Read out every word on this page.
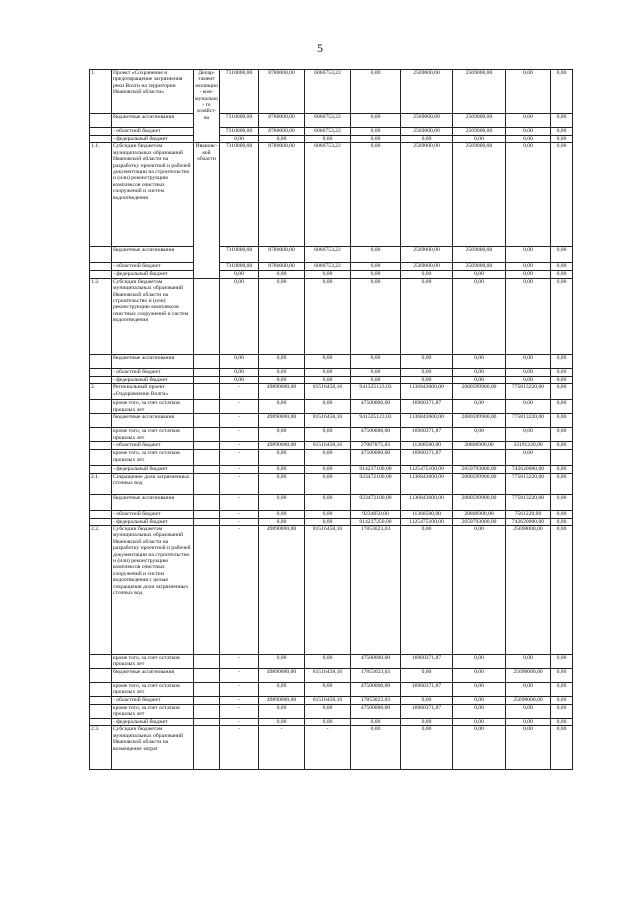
5
1.	Проект «Сохранение и предотвращение загрязнения реки Волги на территории Ивановской области»	Депар- тамент жилищно- ком- мунально- го хозяйст- ва	7310000,00	8780000,00	6066753,22	0,00	2569000,00	2569000,00	0,00	0,00
	бюджетные ассигнования		7310000,00	8780000,00	6066753,22	0,00	2569000,00	2569000,00	0,00	0,00
	- областной бюджет		7310000,00	8780000,00	6066753,22	0,00	2569000,00	2569000,00	0,00	0,00
	- федеральный бюджет		0,00	0,00	0,00	0,00	0,00	0,00	0,00	0,00
1.1.	Субсидии бюджетам муниципальных образований Ивановской области на разработку проектной и рабочей документации на строительство и (или) реконструкцию комплексов очистных сооружений и систем водоотведения	Ивановс- кой области	7310000,00	8780000,00	6066753,22	0,00	2569000,00	2569000,00	0,00	0,00
	бюджетные ассигнования		7310000,00	8780000,00	6066753,22	0,00	2569000,00	2569000,00	0,00	0,00
	- областной бюджет		7310000,00	8780000,00	6066753,22	0,00	2569000,00	2569000,00	0,00	0,00
	- федеральный бюджет		0,00	0,00	0,00	0,00	0,00	0,00	0,00	0,00
1.2.	Субсидии бюджетам муниципальных образований Ивановской области на строительство и (или) реконструкцию комплексов очистных сооружений и систем водоотведения		0,00	0,00	0,00	0,00	0,00	0,00	0,00	0,00
	бюджетные ассигнования		0,00	0,00	0,00	0,00	0,00	0,00	0,00	0,00
	- областной бюджет		0,00	0,00	0,00	0,00	0,00	0,00	0,00	0,00
	- федеральный бюджет		0,00	0,00	0,00	0,00	0,00	0,00	0,00	0,00
2.	Региональный проект «Оздоровление Волги»		-	49890000,00	81516458,16	941325123,03	1136843600,00	2080599900,00	775813220,00	0,00
	кроме того, за счет остатков прошлых лет		-	0,00	0,00	47500000,00	16960371,87	0,00	0,00	0,00
	бюджетные ассигнования		-	49890000,00	81516458,16	941325123,03	1136843600,00	2080599900,00	775813220,00	0,00
	кроме того, за счет остатков прошлых лет		-	0,00	0,00	47500000,00	16960371,87	0,00	0,00	0,00
	- областной бюджет		-	49890000,00	81516458,16	27087875,03	11368500,00	20806900,00	33191220,00	0,00
	кроме того, за счет остатков прошлых лет		-	0,00	0,00	47500000,00	16960371,87		0,00	
	- федеральный бюджет		-	0,00	0,00	914237100,00	1125475100,00	2059793000,00	742620000,00	0,00
2.1.	Сокращение доли загрязненных сточных вод		-	0,00	0,00	923472100,00	1136843600,00	2080599900,00	775813220,00	0,00
	бюджетные ассигнования		-	0,00	0,00	923472100,00	1136843600,00	2080599900,00	775813220,00	0,00
	- областной бюджет		-	0,00	0,00	9234850,00	11368500,00	20806900,00	7561220,00	0,00
	- федеральный бюджет		-	0,00	0,00	914237250,00	1125475100,00	2059793000,00	742620000,00	0,00
2.2.	Субсидии бюджетам муниципальных образований Ивановской области на разработку проектной и рабочей документации на строительство и (или) реконструкцию комплексов очистных сооружений и систем водоотведения с целью сокращения доли загрязненных сточных вод		-	49890000,00	81516458,16	17853023,03	0,00	0,00	25690000,00	0,00
	кроме того, за счет остатков прошлых лет		-	0,00	0,00	47500000,00	16960371,87	0,00	0,00	0,00
	бюджетные ассигнования		-	49890000,00	81516458,16	17853023,03	0,00	0,00	25690000,00	0,00
	кроме того, за счет остатков прошлых лет		-	0,00	0,00	47500000,00	16960371,87	0,00	0,00	0,00
	- областной бюджет		-	49890000,00	81516458,16	17853023,03	0,00	0,00	25690000,00	0,00
	кроме того, за счет остатков прошлых лет		-	0,00	0,00	47500000,00	16960371,87	0,00	0,00	0,00
	- федеральный бюджет		-	0,00	0,00	0,00	0,00	0,00	0,00	0,00
2.3.	Субсидии бюджетам муниципальных образований Ивановской области на возмещение затрат		-	-	-	0,00	0,00	0,00	0,00	0,00
